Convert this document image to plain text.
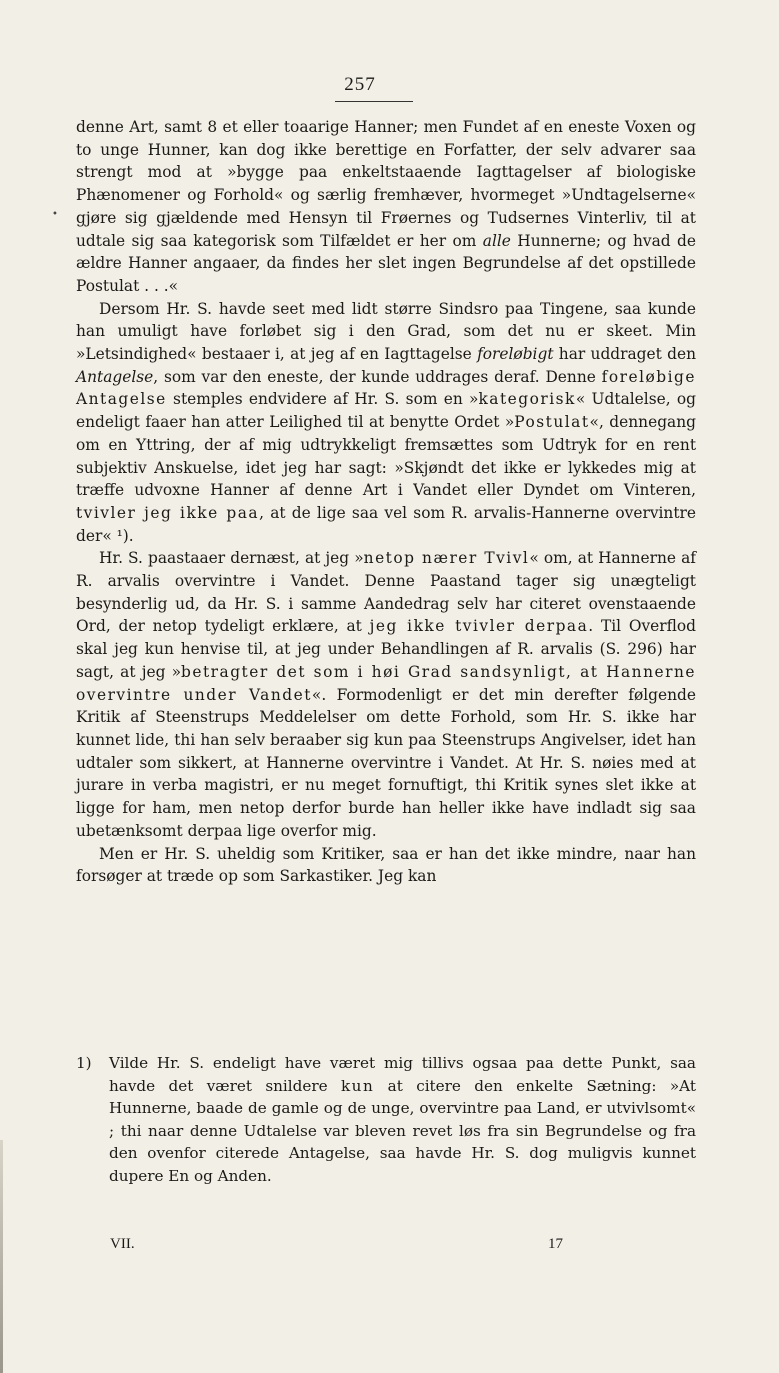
257
•

denne Art, samt 8 et eller toaarige Hanner; men Fundet af en eneste Voxen og to unge Hunner, kan dog ikke berettige en Forfatter, der selv advarer saa strengt mod at »bygge paa enkeltstaaende Iagttagelser af biologiske Phænomener og Forhold« og særlig fremhæver, hvormeget »Undtagelserne« gjøre sig gjældende med Hensyn til Frøernes og Tudsernes Vinterliv, til at udtale sig saa kategorisk som Tilfældet er her om alle Hunnerne; og hvad de ældre Hanner angaaer, da findes her slet ingen Begrundelse af det opstillede Postulat . . .«

Dersom Hr. S. havde seet med lidt større Sindsro paa Tingene, saa kunde han umuligt have forløbet sig i den Grad, som det nu er skeet. Min »Letsindighed« bestaaer i, at jeg af en Iagttagelse foreløbigt har uddraget den Antagelse, som var den eneste, der kunde uddrages deraf. Denne foreløbige Antagelse stemples endvidere af Hr. S. som en »kategorisk« Udtalelse, og endeligt faaer han atter Leilighed til at benytte Ordet »Postulat«, dennegang om en Yttring, der af mig udtrykkeligt fremsættes som Udtryk for en rent subjektiv Anskuelse, idet jeg har sagt: »Skjøndt det ikke er lykkedes mig at træffe udvoxne Hanner af denne Art i Vandet eller Dyndet om Vinteren, tvivler jeg ikke paa, at de lige saa vel som R. arvalis-Hannerne overvintre der« ¹).

Hr. S. paastaaer dernæst, at jeg »netop nærer Tvivl« om, at Hannerne af R. arvalis overvintre i Vandet. Denne Paastand tager sig unægteligt besynderlig ud, da Hr. S. i samme Aandedrag selv har citeret ovenstaaende Ord, der netop tydeligt erklære, at jeg ikke tvivler derpaa. Til Overflod skal jeg kun henvise til, at jeg under Behandlingen af R. arvalis (S. 296) har sagt, at jeg »betragter det som i høi Grad sandsynligt, at Hannerne overvintre under Vandet«. Formodenligt er det min derefter følgende Kritik af Steenstrups Meddelelser om dette Forhold, som Hr. S. ikke har kunnet lide, thi han selv beraaber sig kun paa Steenstrups Angivelser, idet han udtaler som sikkert, at Hannerne overvintre i Vandet. At Hr. S. nøies med at jurare in verba magistri, er nu meget fornuftigt, thi Kritik synes slet ikke at ligge for ham, men netop derfor burde han heller ikke have indladt sig saa ubetænksomt derpaa lige overfor mig.

Men er Hr. S. uheldig som Kritiker, saa er han det ikke mindre, naar han forsøger at træde op som Sarkastiker. Jeg kan

1) Vilde Hr. S. endeligt have været mig tillivs ogsaa paa dette Punkt, saa havde det været snildere kun at citere den enkelte Sætning: »At Hunnerne, baade de gamle og de unge, overvintre paa Land, er utvivlsomt« ; thi naar denne Udtalelse var bleven revet løs fra sin Begrundelse og fra den ovenfor citerede Antagelse, saa havde Hr. S. dog muligvis kunnet dupere En og Anden.

VII.	17
